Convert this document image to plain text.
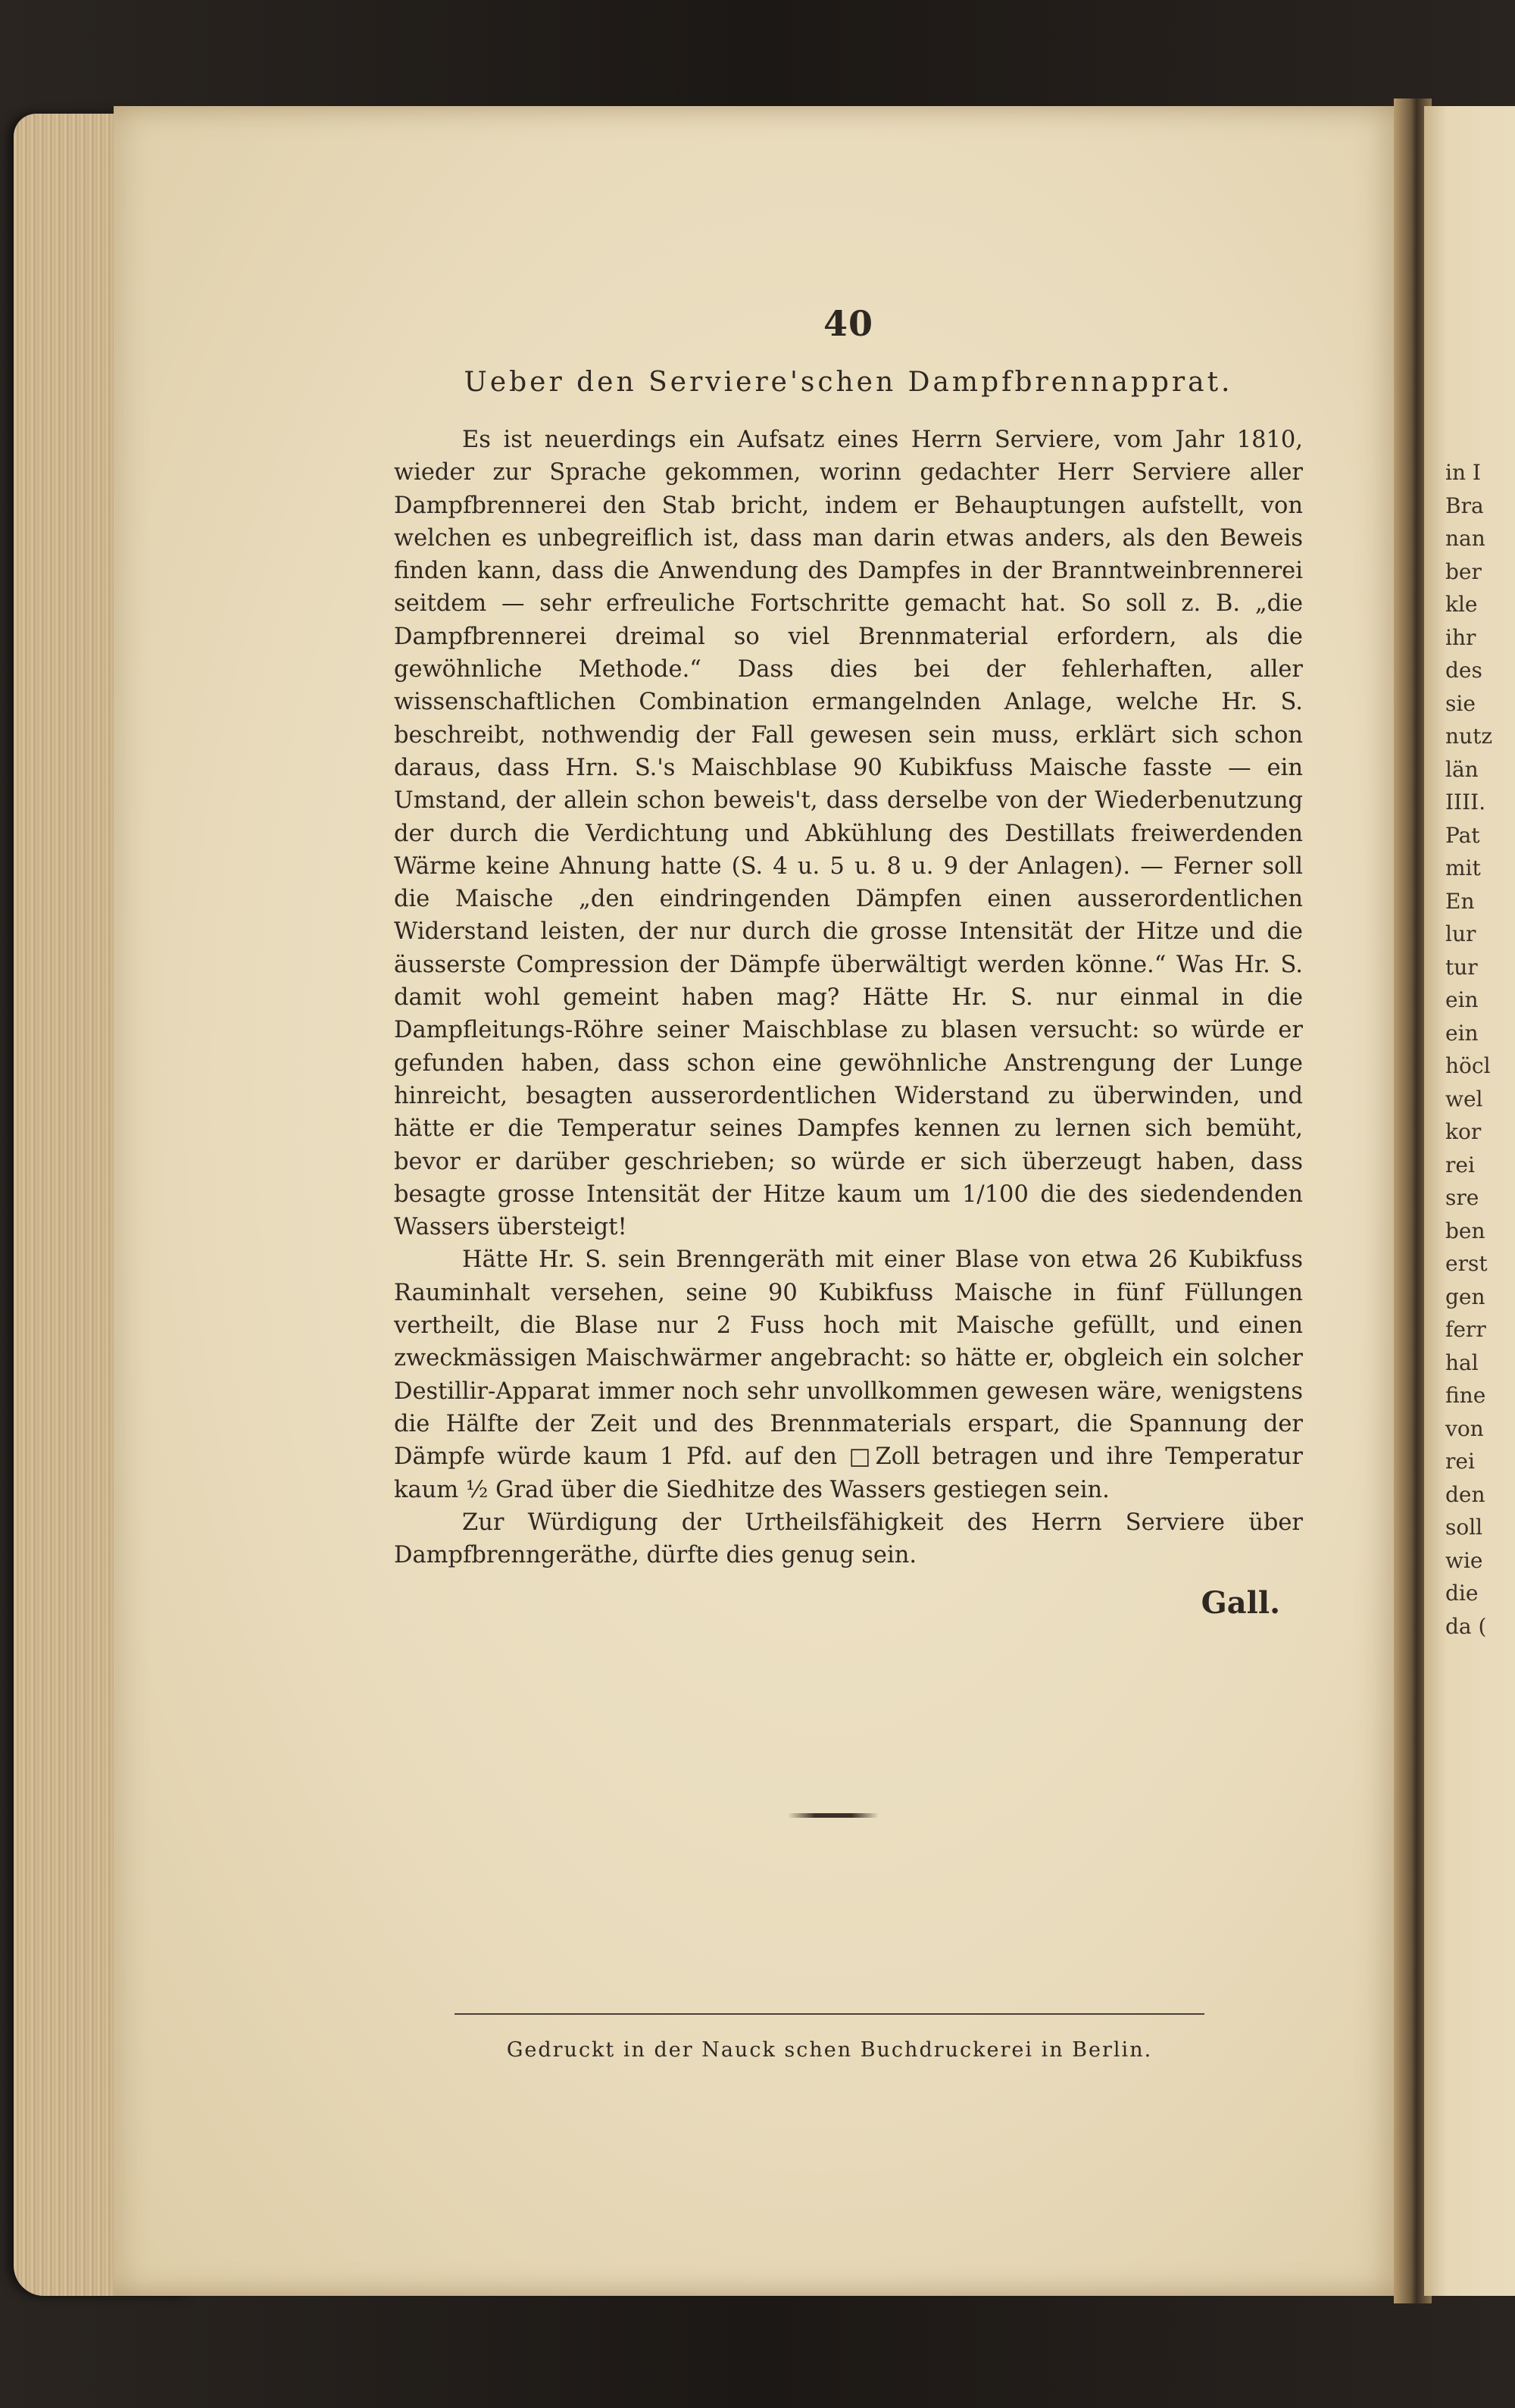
in I
Bra
nan
ber
kle
ihr
des
sie
nutz
län
IIII.
Pat
mit
En
lur
tur
ein
ein
höcl
wel
kor
rei
sre
ben
erst
gen
ferr
hal
fine
von
rei
den
soll
wie
die
da (
40
Ueber den Serviere'schen Dampfbrennapprat.

Es ist neuerdings ein Aufsatz eines Herrn Serviere, vom Jahr 1810, wieder zur Sprache gekommen, worinn gedachter Herr Serviere aller Dampfbrennerei den Stab bricht, indem er Behauptungen aufstellt, von welchen es unbegreiflich ist, dass man darin etwas anders, als den Beweis finden kann, dass die Anwendung des Dampfes in der Branntweinbrennerei seitdem — sehr erfreuliche Fortschritte gemacht hat. So soll z. B. „die Dampfbrennerei dreimal so viel Brennmaterial erfordern, als die gewöhnliche Methode.“ Dass dies bei der fehlerhaften, aller wissenschaftlichen Combination ermangelnden Anlage, welche Hr. S. beschreibt, nothwendig der Fall gewesen sein muss, erklärt sich schon daraus, dass Hrn. S.'s Maischblase 90 Kubikfuss Maische fasste — ein Umstand, der allein schon beweis't, dass derselbe von der Wiederbenutzung der durch die Verdichtung und Abkühlung des Destillats freiwerdenden Wärme keine Ahnung hatte (S. 4 u. 5 u. 8 u. 9 der Anlagen). — Ferner soll die Maische „den eindringenden Dämpfen einen ausserordentlichen Widerstand leisten, der nur durch die grosse Intensität der Hitze und die äusserste Compression der Dämpfe überwältigt werden könne.“ Was Hr. S. damit wohl gemeint haben mag? Hätte Hr. S. nur einmal in die Dampfleitungs-Röhre seiner Maischblase zu blasen versucht: so würde er gefunden haben, dass schon eine gewöhnliche Anstrengung der Lunge hinreicht, besagten ausserordentlichen Widerstand zu überwinden, und hätte er die Temperatur seines Dampfes kennen zu lernen sich bemüht, bevor er darüber geschrieben; so würde er sich überzeugt haben, dass besagte grosse Intensität der Hitze kaum um 1/100 die des siedendenden Wassers übersteigt!

Hätte Hr. S. sein Brenngeräth mit einer Blase von etwa 26 Kubikfuss Rauminhalt versehen, seine 90 Kubikfuss Maische in fünf Füllungen vertheilt, die Blase nur 2 Fuss hoch mit Maische gefüllt, und einen zweckmässigen Maischwärmer angebracht: so hätte er, obgleich ein solcher Destillir-Apparat immer noch sehr unvollkommen gewesen wäre, wenigstens die Hälfte der Zeit und des Brennmaterials erspart, die Spannung der Dämpfe würde kaum 1 Pfd. auf den □Zoll betragen und ihre Temperatur kaum ½ Grad über die Siedhitze des Wassers gestiegen sein.

Zur Würdigung der Urtheilsfähigkeit des Herrn Serviere über Dampfbrenngeräthe, dürfte dies genug sein.

Gall.
Gedruckt in der Nauck schen Buchdruckerei in Berlin.
